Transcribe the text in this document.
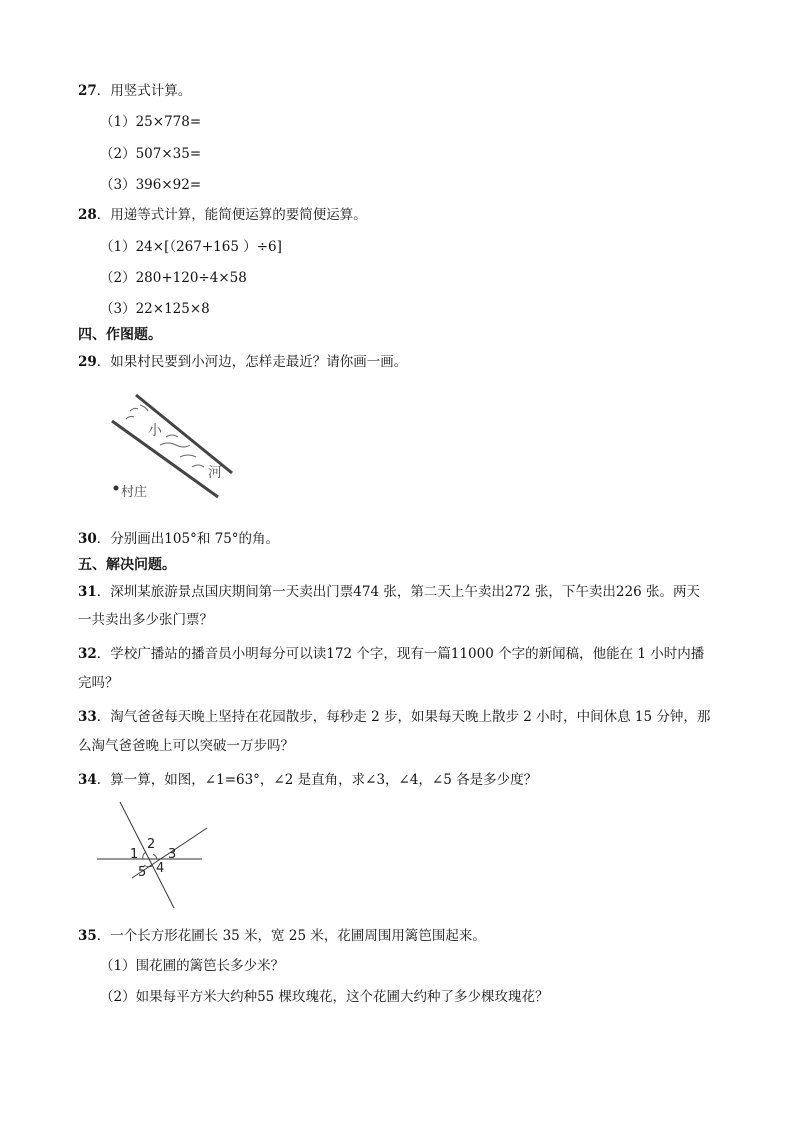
27．用竖式计算。
（1）25×778=
（2）507×35=
（3）396×92=
28．用递等式计算，能简便运算的要简便运算。
（1）24×[（267+165 ）÷6]
（2）280+120÷4×58
（3）22×125×8
四、作图题。
29．如果村民要到小河边，怎样走最近？请你画一画。
小
河
村庄
30．分别画出105°和 75°的角。
五、解决问题。
31．深圳某旅游景点国庆期间第一天卖出门票474 张，第二天上午卖出272 张，下午卖出226 张。两天
一共卖出多少张门票？
32．学校广播站的播音员小明每分可以读172 个字，现有一篇11000 个字的新闻稿，他能在 1 小时内播
完吗？
33．淘气爸爸每天晚上坚持在花园散步，每秒走 2 步，如果每天晚上散步 2 小时，中间休息 15 分钟，那
么淘气爸爸晚上可以突破一万步吗？
34．算一算，如图，∠1=63°，∠2 是直角，求∠3，∠4，∠5 各是多少度？
1
2
3
4
5
35．一个长方形花圃长 35 米，宽 25 米，花圃周围用篱笆围起来。
（1）围花圃的篱笆长多少米？
（2）如果每平方米大约种55 棵玫瑰花，这个花圃大约种了多少棵玫瑰花？
